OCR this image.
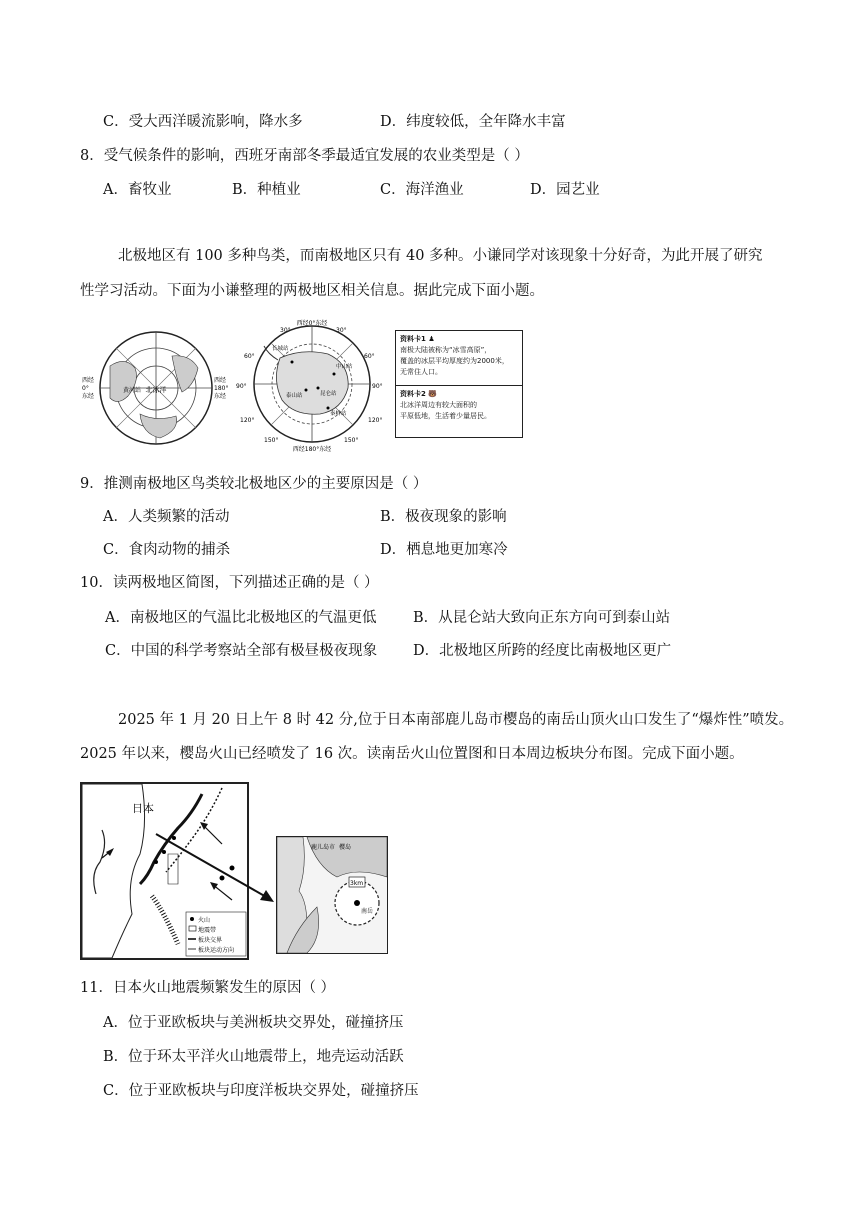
C．受大西洋暖流影响，降水多	D．纬度较低，全年降水丰富
8．受气候条件的影响，西班牙南部冬季最适宜发展的农业类型是（ ）
A．畜牧业	B．种植业	C．海洋渔业	D．园艺业
北极地区有 100 多种鸟类，而南极地区只有 40 多种。小谦同学对该现象十分好奇，为此开展了研究
性学习活动。下面为小谦整理的两极地区相关信息。据此完成下面小题。
北冰洋
黄河站
西经
0°
东经
西经
180°
东经
西经0°东经
西经180°东经
30°	30°
60°	60°
90°	90°
120°	120°
150°	150°
长城站
中山站
昆仑站
泰山站
秦岭站
资料卡1 ♟
南极大陆被称为“冰雪高原”，
覆盖的冰层平均厚度约为2000米，
无常住人口。
资料卡2 🐻
北冰洋周边有较大面积的
平原低地，生活着少量居民。
9．推测南极地区鸟类较北极地区少的主要原因是（ ）
A．人类频繁的活动	B．极夜现象的影响
C．食肉动物的捕杀	D．栖息地更加寒冷
10．读两极地区简图，下列描述正确的是（ ）
A．南极地区的气温比北极地区的气温更低	B．从昆仑站大致向正东方向可到泰山站
C．中国的科学考察站全部有极昼极夜现象 D．北极地区所跨的经度比南极地区更广
2025 年 1 月 20 日上午 8 时 42 分,位于日本南部鹿儿岛市樱岛的南岳山顶火山口发生了“爆炸性”喷发。
2025 年以来，樱岛火山已经喷发了 16 次。读南岳火山位置图和日本周边板块分布图。完成下面小题。
日本
火山
地震带
板块交界
板块运动方向
鹿儿岛市 樱岛
3km
南岳
11．日本火山地震频繁发生的原因（ ）
A．位于亚欧板块与美洲板块交界处，碰撞挤压
B．位于环太平洋火山地震带上，地壳运动活跃
C．位于亚欧板块与印度洋板块交界处，碰撞挤压
